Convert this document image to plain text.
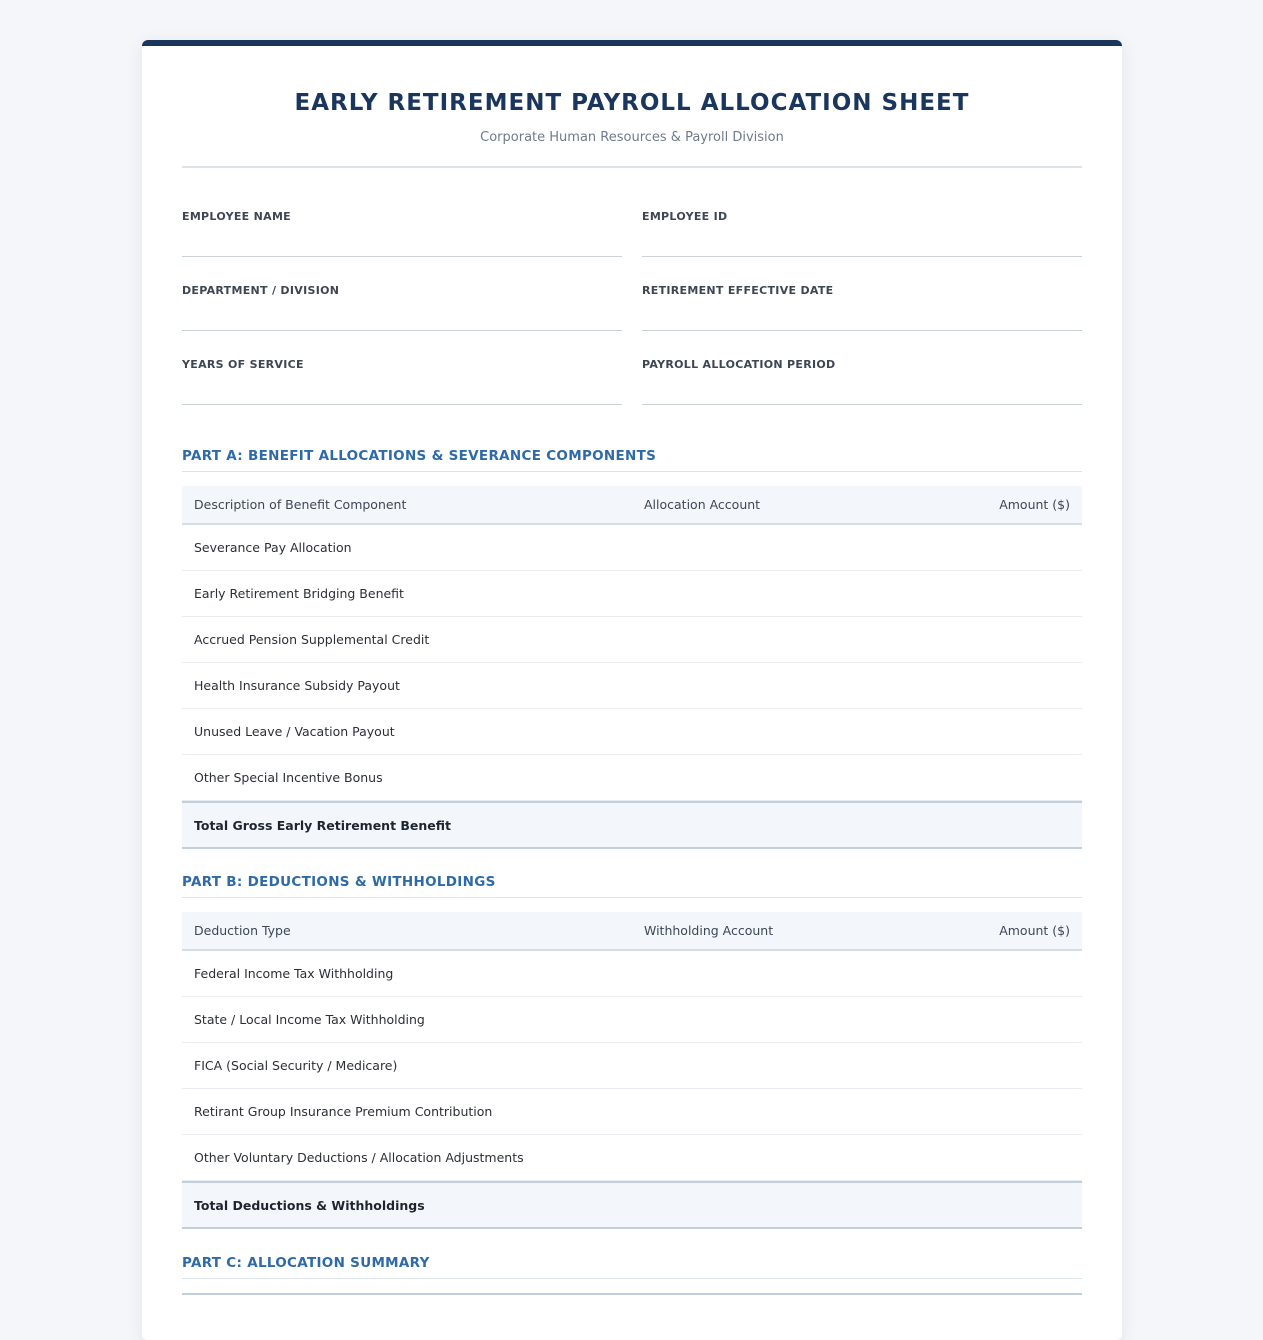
EARLY RETIREMENT PAYROLL ALLOCATION SHEET
Corporate Human Resources & Payroll Division
EMPLOYEE NAME	EMPLOYEE ID
DEPARTMENT / DIVISION	RETIREMENT EFFECTIVE DATE
YEARS OF SERVICE	PAYROLL ALLOCATION PERIOD
PART A: BENEFIT ALLOCATIONS & SEVERANCE COMPONENTS
Description of Benefit Component	Allocation Account	Amount ($)
Severance Pay Allocation
Early Retirement Bridging Benefit
Accrued Pension Supplemental Credit
Health Insurance Subsidy Payout
Unused Leave / Vacation Payout
Other Special Incentive Bonus
Total Gross Early Retirement Benefit
PART B: DEDUCTIONS & WITHHOLDINGS
Deduction Type	Withholding Account	Amount ($)
Federal Income Tax Withholding
State / Local Income Tax Withholding
FICA (Social Security / Medicare)
Retirant Group Insurance Premium Contribution
Other Voluntary Deductions / Allocation Adjustments
Total Deductions & Withholdings
PART C: ALLOCATION SUMMARY
